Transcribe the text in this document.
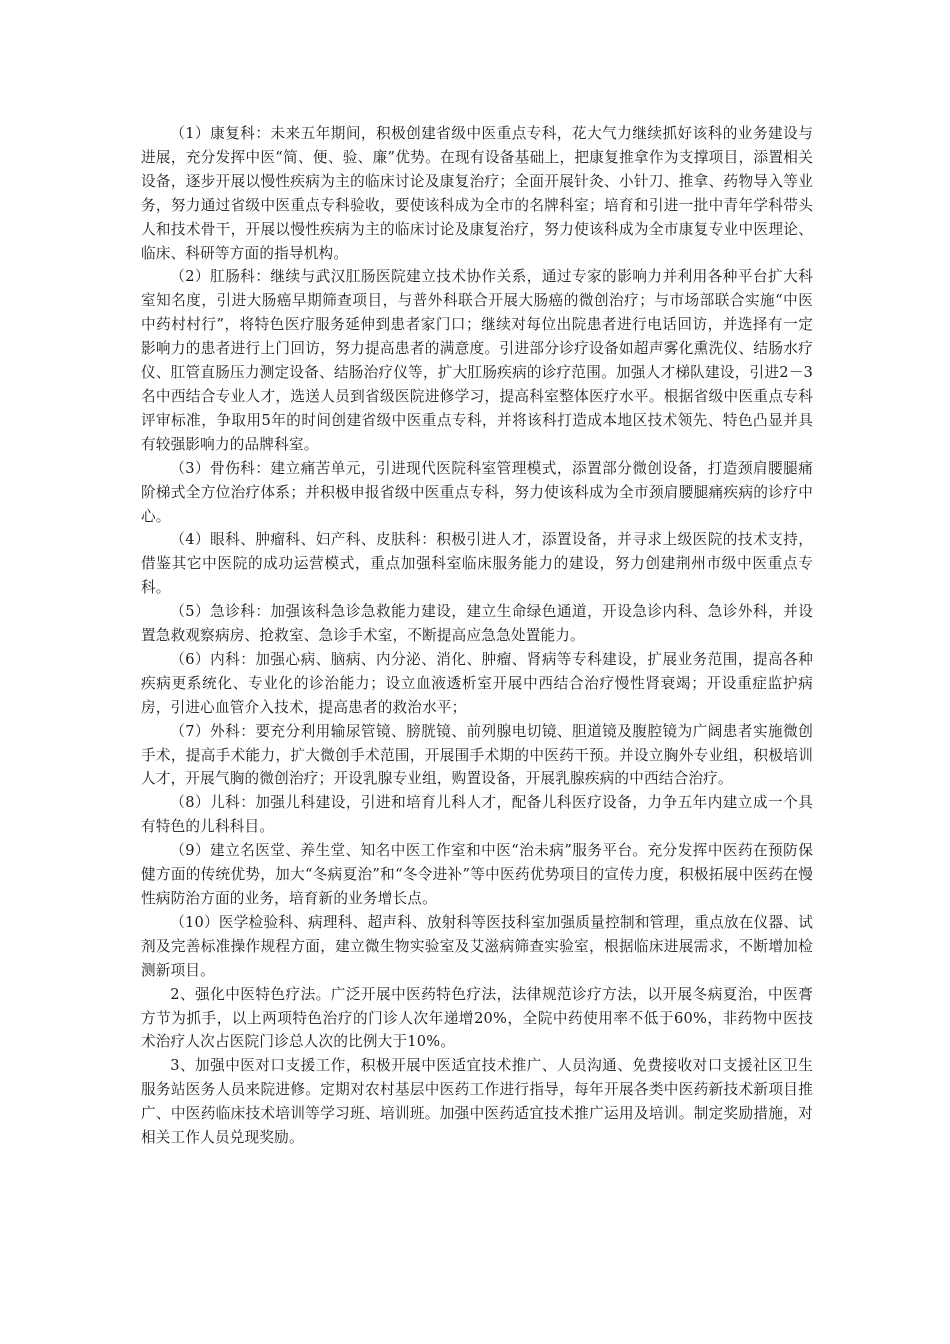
（1）康复科：未来五年期间，积极创建省级中医重点专科，花大气力继续抓好该科的业务建设与进展，充分发挥中医“简、便、验、廉”优势。在现有设备基础上，把康复推拿作为支撑项目，添置相关设备，逐步开展以慢性疾病为主的临床讨论及康复治疗；全面开展针灸、小针刀、推拿、药物导入等业务，努力通过省级中医重点专科验收，要使该科成为全市的名牌科室；培育和引进一批中青年学科带头人和技术骨干，开展以慢性疾病为主的临床讨论及康复治疗，努力使该科成为全市康复专业中医理论、临床、科研等方面的指导机构。

（2）肛肠科：继续与武汉肛肠医院建立技术协作关系，通过专家的影响力并利用各种平台扩大科室知名度，引进大肠癌早期筛查项目，与普外科联合开展大肠癌的微创治疗；与市场部联合实施“中医中药村村行”，将特色医疗服务延伸到患者家门口；继续对每位出院患者进行电话回访，并选择有一定影响力的患者进行上门回访，努力提高患者的满意度。引进部分诊疗设备如超声雾化熏洗仪、结肠水疗仪、肛管直肠压力测定设备、结肠治疗仪等，扩大肛肠疾病的诊疗范围。加强人才梯队建设，引进2－3名中西结合专业人才，选送人员到省级医院进修学习，提高科室整体医疗水平。根据省级中医重点专科评审标准，争取用5年的时间创建省级中医重点专科，并将该科打造成本地区技术领先、特色凸显并具有较强影响力的品牌科室。

（3）骨伤科：建立痛苦单元，引进现代医院科室管理模式，添置部分微创设备，打造颈肩腰腿痛阶梯式全方位治疗体系；并积极申报省级中医重点专科，努力使该科成为全市颈肩腰腿痛疾病的诊疗中心。

（4）眼科、肿瘤科、妇产科、皮肤科：积极引进人才，添置设备，并寻求上级医院的技术支持，借鉴其它中医院的成功运营模式，重点加强科室临床服务能力的建设，努力创建荆州市级中医重点专科。

（5）急诊科：加强该科急诊急救能力建设，建立生命绿色通道，开设急诊内科、急诊外科，并设置急救观察病房、抢救室、急诊手术室，不断提高应急急处置能力。

（6）内科：加强心病、脑病、内分泌、消化、肿瘤、肾病等专科建设，扩展业务范围，提高各种疾病更系统化、专业化的诊治能力；设立血液透析室开展中西结合治疗慢性肾衰竭；开设重症监护病房，引进心血管介入技术，提高患者的救治水平；

（7）外科：要充分利用输尿管镜、膀胱镜、前列腺电切镜、胆道镜及腹腔镜为广阔患者实施微创手术，提高手术能力，扩大微创手术范围，开展围手术期的中医药干预。并设立胸外专业组，积极培训人才，开展气胸的微创治疗；开设乳腺专业组，购置设备，开展乳腺疾病的中西结合治疗。

（8）儿科：加强儿科建设，引进和培育儿科人才，配备儿科医疗设备，力争五年内建立成一个具有特色的儿科科目。

（9）建立名医堂、养生堂、知名中医工作室和中医“治未病”服务平台。充分发挥中医药在预防保健方面的传统优势，加大“冬病夏治”和“冬令进补”等中医药优势项目的宣传力度，积极拓展中医药在慢性病防治方面的业务，培育新的业务增长点。

（10）医学检验科、病理科、超声科、放射科等医技科室加强质量控制和管理，重点放在仪器、试剂及完善标准操作规程方面，建立微生物实验室及艾滋病筛查实验室，根据临床进展需求，不断增加检测新项目。

2、强化中医特色疗法。广泛开展中医药特色疗法，法律规范诊疗方法，以开展冬病夏治，中医膏方节为抓手，以上两项特色治疗的门诊人次年递增20%，全院中药使用率不低于60%，非药物中医技术治疗人次占医院门诊总人次的比例大于10%。

3、加强中医对口支援工作，积极开展中医适宜技术推广、人员沟通、免费接收对口支援社区卫生服务站医务人员来院进修。定期对农村基层中医药工作进行指导，每年开展各类中医药新技术新项目推广、中医药临床技术培训等学习班、培训班。加强中医药适宜技术推广运用及培训。制定奖励措施，对相关工作人员兑现奖励。
